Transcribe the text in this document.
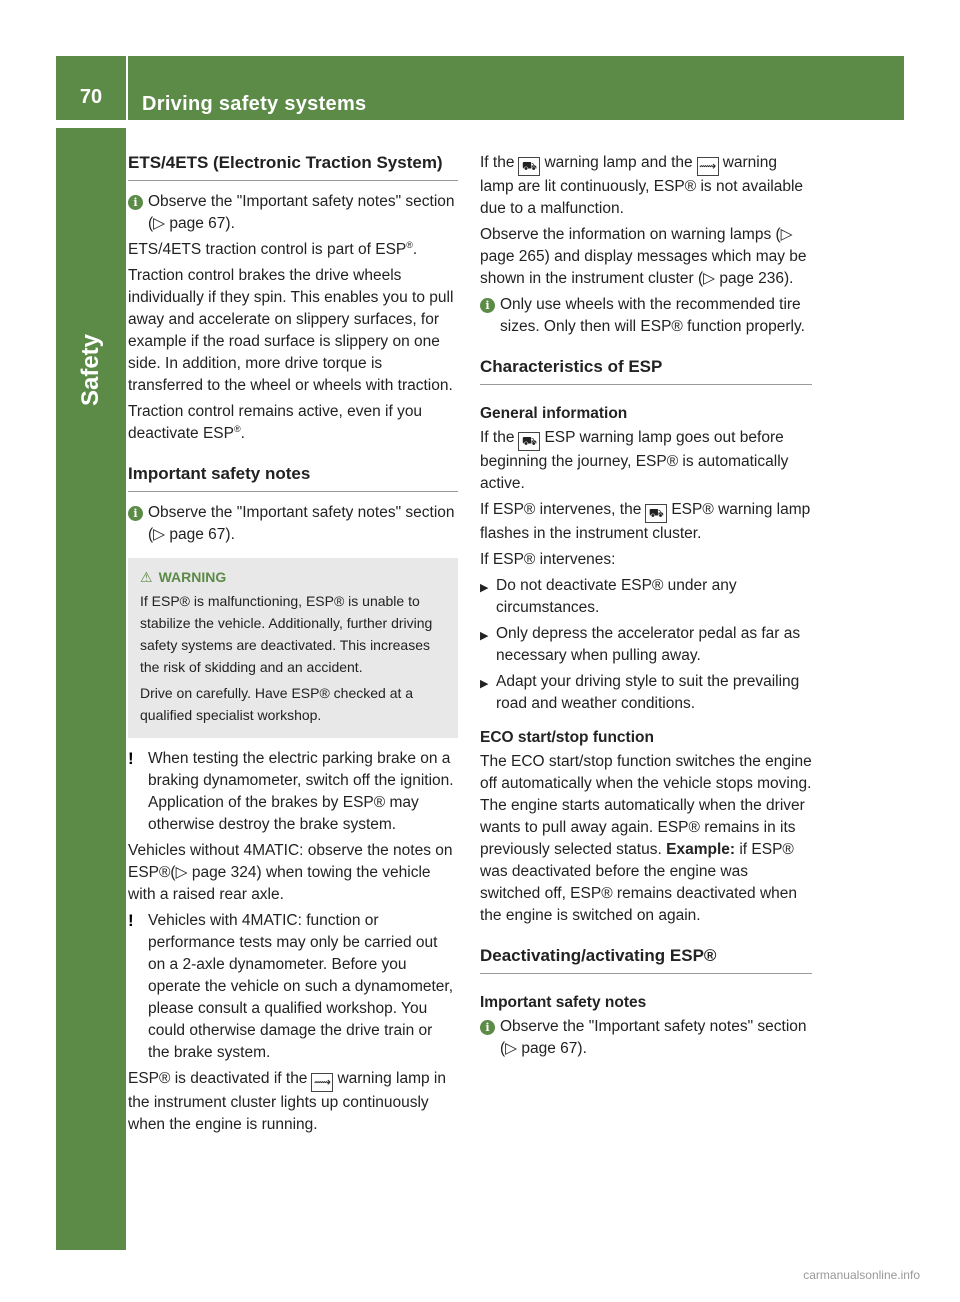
70	Driving safety systems
Safety
ETS/4ETS (Electronic Traction System)
i Observe the "Important safety notes" section (▷ page 67).

ETS/4ETS traction control is part of ESP®.

Traction control brakes the drive wheels individually if they spin. This enables you to pull away and accelerate on slippery surfaces, for example if the road surface is slippery on one side. In addition, more drive torque is transferred to the wheel or wheels with traction.

Traction control remains active, even if you deactivate ESP®.

Important safety notes
i Observe the "Important safety notes" section (▷ page 67).
⚠ WARNING

If ESP® is malfunctioning, ESP® is unable to stabilize the vehicle. Additionally, further driving safety systems are deactivated. This increases the risk of skidding and an accident.

Drive on carefully. Have ESP® checked at a qualified specialist workshop.

! When testing the electric parking brake on a braking dynamometer, switch off the ignition. Application of the brakes by ESP® may otherwise destroy the brake system.

Vehicles without 4MATIC: observe the notes on ESP®(▷ page 324) when towing the vehicle with a raised rear axle.

! Vehicles with 4MATIC: function or performance tests may only be carried out on a 2-axle dynamometer. Before you operate the vehicle on such a dynamometer, please consult a qualified workshop. You could otherwise damage the drive train or the brake system.

ESP® is deactivated if the ⟿ warning lamp in the instrument cluster lights up continuously when the engine is running.

If the ⛟ warning lamp and the ⟿ warning lamp are lit continuously, ESP® is not available due to a malfunction.

Observe the information on warning lamps (▷ page 265) and display messages which may be shown in the instrument cluster (▷ page 236).

i Only use wheels with the recommended tire sizes. Only then will ESP® function properly.
Characteristics of ESP
General information

If the ⛟ ESP warning lamp goes out before beginning the journey, ESP® is automatically active.

If ESP® intervenes, the ⛟ ESP® warning lamp flashes in the instrument cluster.

If ESP® intervenes:

▶ Do not deactivate ESP® under any circumstances.
▶ Only depress the accelerator pedal as far as necessary when pulling away.
▶ Adapt your driving style to suit the prevailing road and weather conditions.
ECO start/stop function

The ECO start/stop function switches the engine off automatically when the vehicle stops moving. The engine starts automatically when the driver wants to pull away again. ESP® remains in its previously selected status. Example: if ESP® was deactivated before the engine was switched off, ESP® remains deactivated when the engine is switched on again.

Deactivating/activating ESP®
Important safety notes
i Observe the "Important safety notes" section (▷ page 67).
carmanualsonline.info
